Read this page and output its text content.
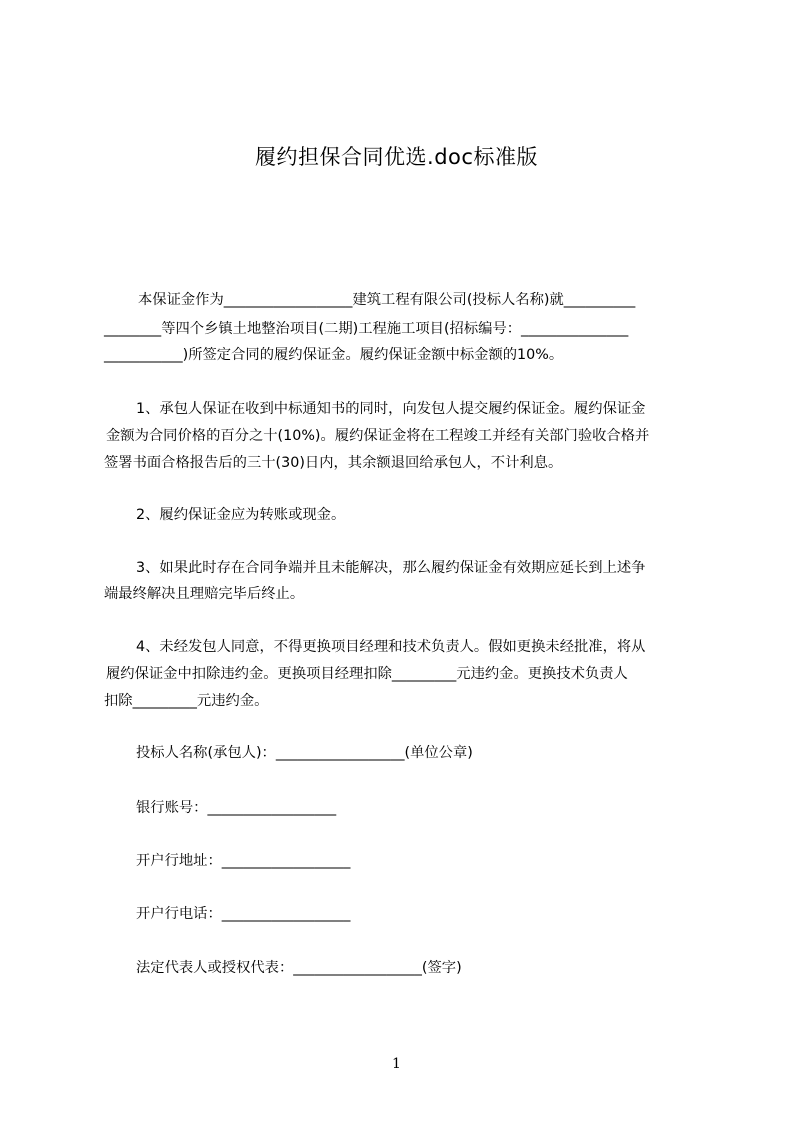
履约担保合同优选.doc标准版
本保证金作为__________________建筑工程有限公司(投标人名称)就__________
________等四个乡镇土地整治项目(二期)工程施工项目(招标编号：_______________
___________)所签定合同的履约保证金。履约保证金额中标金额的10%。
1、承包人保证在收到中标通知书的同时，向发包人提交履约保证金。履约保证金
金额为合同价格的百分之十(10%)。履约保证金将在工程竣工并经有关部门验收合格并
签署书面合格报告后的三十(30)日内，其余额退回给承包人，不计利息。
2、履约保证金应为转账或现金。
3、如果此时存在合同争端并且未能解决，那么履约保证金有效期应延长到上述争
端最终解决且理赔完毕后终止。
4、未经发包人同意，不得更换项目经理和技术负责人。假如更换未经批准，将从
履约保证金中扣除违约金。更换项目经理扣除_________元违约金。更换技术负责人
扣除_________元违约金。
投标人名称(承包人)：__________________(单位公章)
银行账号：__________________
开户行地址：__________________
开户行电话：__________________
法定代表人或授权代表：__________________(签字)
1
